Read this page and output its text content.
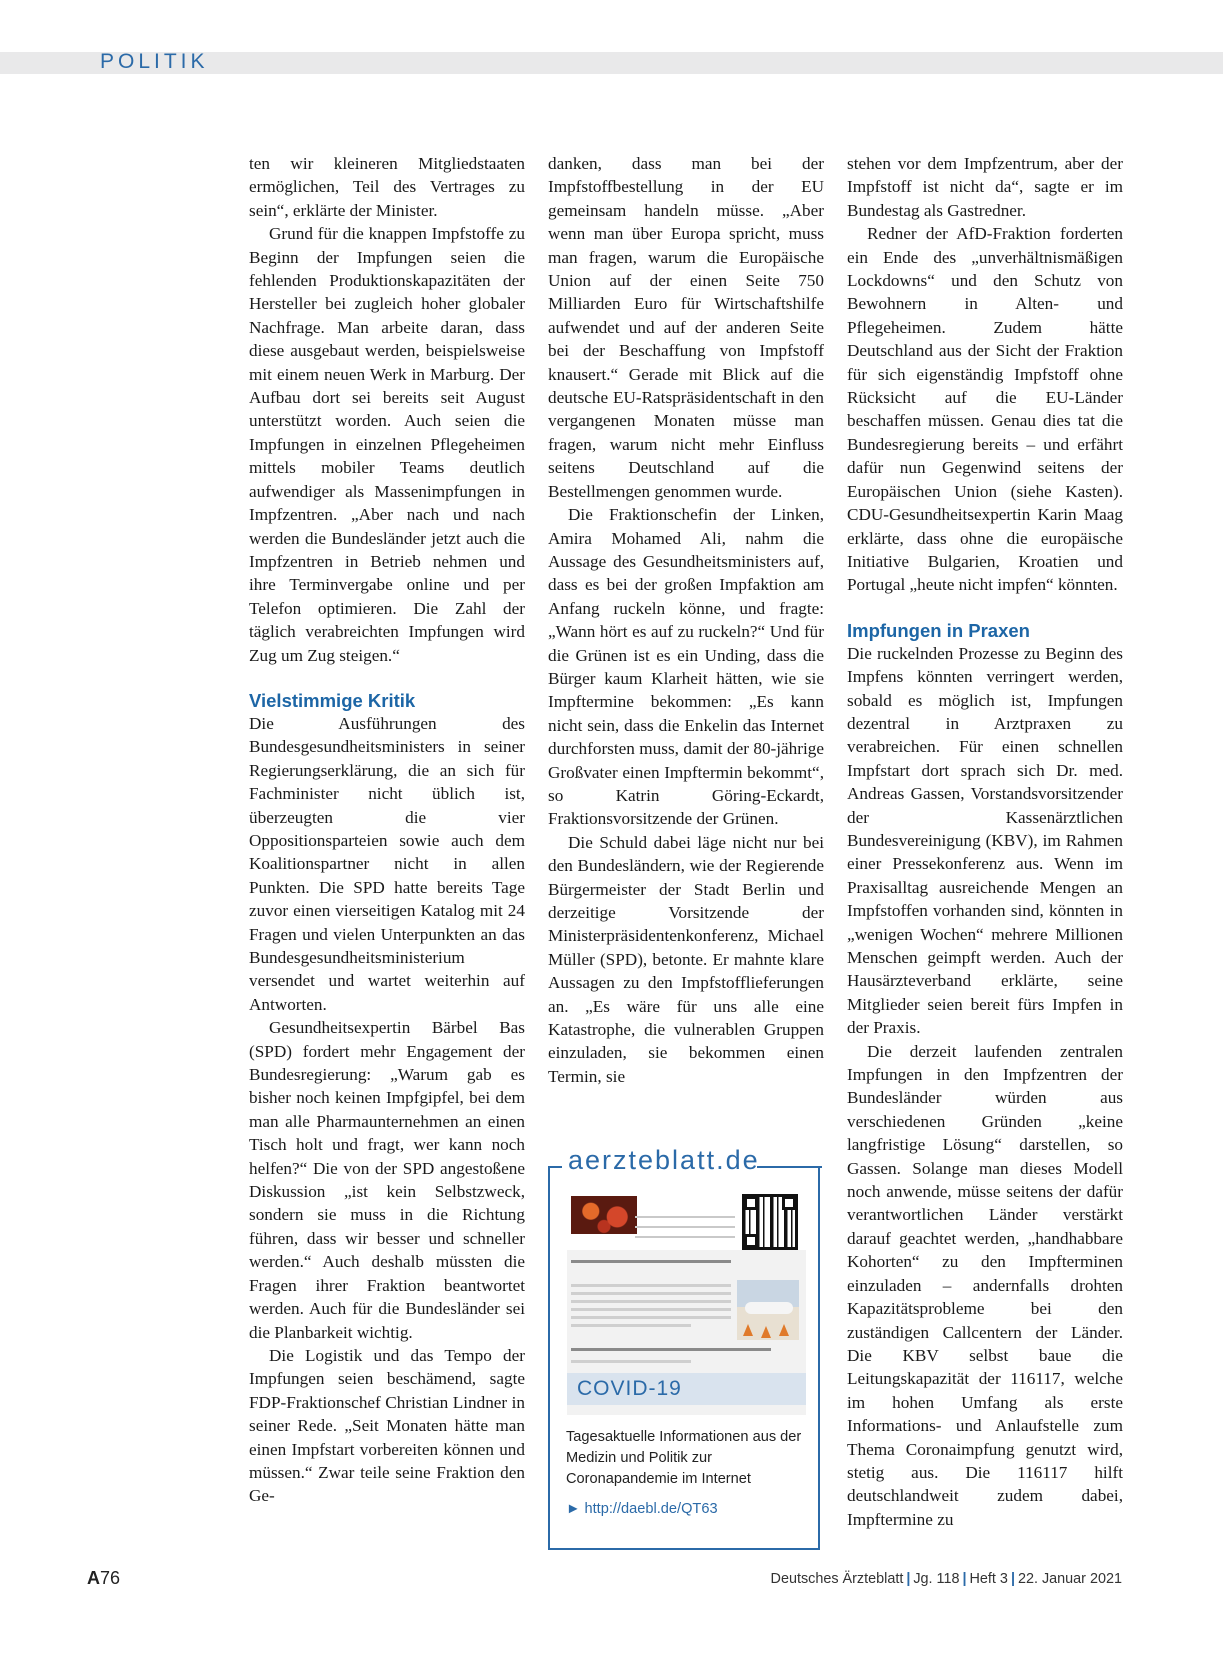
POLITIK

ten wir kleineren Mitgliedstaaten ermöglichen, Teil des Vertrages zu sein“, erklärte der Minister.

Grund für die knappen Impfstoffe zu Beginn der Impfungen seien die fehlenden Produktionskapazitäten der Hersteller bei zugleich hoher globaler Nachfrage. Man arbeite daran, dass diese ausgebaut werden, beispielsweise mit einem neuen Werk in Marburg. Der Aufbau dort sei bereits seit August unterstützt worden. Auch seien die Impfungen in einzelnen Pflegeheimen mittels mobiler Teams deutlich aufwendiger als Massenimpfungen in Impfzentren. „Aber nach und nach werden die Bundesländer jetzt auch die Impfzentren in Betrieb nehmen und ihre Terminvergabe online und per Telefon optimieren. Die Zahl der täglich verabreichten Impfungen wird Zug um Zug steigen.“

Vielstimmige Kritik

Die Ausführungen des Bundesgesundheitsministers in seiner Regierungserklärung, die an sich für Fachminister nicht üblich ist, überzeugten die vier Oppositionsparteien sowie auch dem Koalitionspartner nicht in allen Punkten. Die SPD hatte bereits Tage zuvor einen vierseitigen Katalog mit 24 Fragen und vielen Unterpunkten an das Bundesgesundheitsministerium versendet und wartet weiterhin auf Antworten.

Gesundheitsexpertin Bärbel Bas (SPD) fordert mehr Engagement der Bundesregierung: „Warum gab es bisher noch keinen Impfgipfel, bei dem man alle Pharmaunternehmen an einen Tisch holt und fragt, wer kann noch helfen?“ Die von der SPD angestoßene Diskussion „ist kein Selbstzweck, sondern sie muss in die Richtung führen, dass wir besser und schneller werden.“ Auch deshalb müssten die Fragen ihrer Fraktion beantwortet werden. Auch für die Bundesländer sei die Planbarkeit wichtig.

Die Logistik und das Tempo der Impfungen seien beschämend, sagte FDP-Fraktionschef Christian Lindner in seiner Rede. „Seit Monaten hätte man einen Impfstart vorbereiten können und müssen.“ Zwar teile seine Fraktion den Ge-

danken, dass man bei der Impfstoffbestellung in der EU gemeinsam handeln müsse. „Aber wenn man über Europa spricht, muss man fragen, warum die Europäische Union auf der einen Seite 750 Milliarden Euro für Wirtschaftshilfe aufwendet und auf der anderen Seite bei der Beschaffung von Impfstoff knausert.“ Gerade mit Blick auf die deutsche EU-Ratspräsidentschaft in den vergangenen Monaten müsse man fragen, warum nicht mehr Einfluss seitens Deutschland auf die Bestellmengen genommen wurde.

Die Fraktionschefin der Linken, Amira Mohamed Ali, nahm die Aussage des Gesundheitsministers auf, dass es bei der großen Impfaktion am Anfang ruckeln könne, und fragte: „Wann hört es auf zu ruckeln?“ Und für die Grünen ist es ein Unding, dass die Bürger kaum Klarheit hätten, wie sie Impftermine bekommen: „Es kann nicht sein, dass die Enkelin das Internet durchforsten muss, damit der 80-jährige Großvater einen Impftermin bekommt“, so Katrin Göring-Eckardt, Fraktionsvorsitzende der Grünen.

Die Schuld dabei läge nicht nur bei den Bundesländern, wie der Regierende Bürgermeister der Stadt Berlin und derzeitige Vorsitzende der Ministerpräsidentenkonferenz, Michael Müller (SPD), betonte. Er mahnte klare Aussagen zu den Impfstofflieferungen an. „Es wäre für uns alle eine Katastrophe, die vulnerablen Gruppen einzuladen, sie bekommen einen Termin, sie

stehen vor dem Impfzentrum, aber der Impfstoff ist nicht da“, sagte er im Bundestag als Gastredner.

Redner der AfD-Fraktion forderten ein Ende des „unverhältnismäßigen Lockdowns“ und den Schutz von Bewohnern in Alten- und Pflegeheimen. Zudem hätte Deutschland aus der Sicht der Fraktion für sich eigenständig Impfstoff ohne Rücksicht auf die EU-Länder beschaffen müssen. Genau dies tat die Bundesregierung bereits – und erfährt dafür nun Gegenwind seitens der Europäischen Union (siehe Kasten). CDU-Gesundheitsexpertin Karin Maag erklärte, dass ohne die europäische Initiative Bulgarien, Kroatien und Portugal „heute nicht impfen“ könnten.

Impfungen in Praxen

Die ruckelnden Prozesse zu Beginn des Impfens könnten verringert werden, sobald es möglich ist, Impfungen dezentral in Arztpraxen zu verabreichen. Für einen schnellen Impfstart dort sprach sich Dr. med. Andreas Gassen, Vorstandsvorsitzender der Kassenärztlichen Bundesvereinigung (KBV), im Rahmen einer Pressekonferenz aus. Wenn im Praxisalltag ausreichende Mengen an Impfstoffen vorhanden sind, könnten in „wenigen Wochen“ mehrere Millionen Menschen geimpft werden. Auch der Hausärzteverband erklärte, seine Mitglieder seien bereit fürs Impfen in der Praxis.

Die derzeit laufenden zentralen Impfungen in den Impfzentren der Bundesländer würden aus verschiedenen Gründen „keine langfristige Lösung“ darstellen, so Gassen. Solange man dieses Modell noch anwende, müsse seitens der dafür verantwortlichen Länder verstärkt darauf geachtet werden, „handhabbare Kohorten“ zu den Impfterminen einzuladen – andernfalls drohten Kapazitätsprobleme bei den zuständigen Callcentern der Länder. Die KBV selbst baue die Leitungskapazität der 116117, welche im hohen Umfang als erste Informations- und Anlaufstelle zum Thema Coronaimpfung genutzt wird, stetig aus. Die 116117 hilft deutschlandweit zudem dabei, Impftermine zu

aerzteblatt.de
COVID-19
Tagesaktuelle Informationen aus der Medizin und Politik zur Coronapandemie im Internet
► http://daebl.de/QT63
A76	Deutsches Ärzteblatt | Jg. 118 | Heft 3 | 22. Januar 2021
